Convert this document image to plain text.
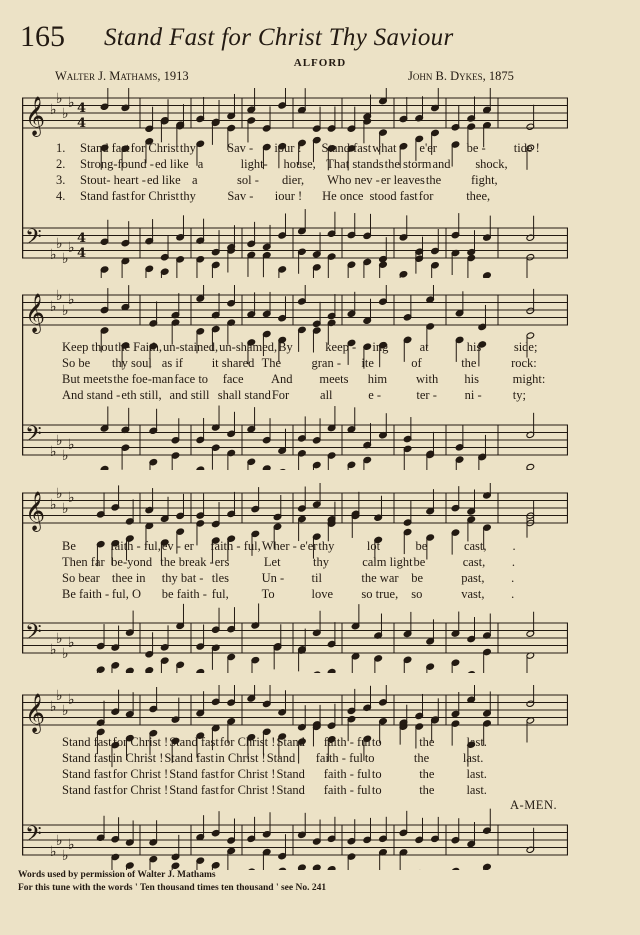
165 Stand Fast for Christ Thy Saviour
ALFORD
Walter J. Mathams, 1913	John B. Dykes, 1875
𝄞 ♭
♭
♭
♭ 4
4
𝄢 ♭
♭
♭
♭
4
4
𝄞 ♭
♭
♭
♭
𝄢 ♭
♭
♭
♭
𝄞 ♭
♭
♭
♭
𝄢 ♭
♭
♭
♭
𝄞 ♭
♭
♭
♭
𝄢 ♭
♭
♭
♭
1.
2.
3.
4.
Stand fast for Christ thy	Sav -	iour !	Stand fast what -	e'er	be -	tide !
Strong-found - ed like a	light-	house, That stands the storm and	shock,
Stout- heart - ed like a	sol -	dier,	Who nev - er leaves the	fight,
Stand fast for Christ thy	Sav -	iour !	He once stood fast for	thee,
Keep thou the Faith, un-stained, un-shamed, By	keep -	ing	at	his	side;
So be	thy soul as if	it shared The	gran -	ite	of	the	rock:
But meets the foe-man face to	face	And	meets	him	with	his	might:
And stand - eth still, and still shall stand For	all	e -	ter -	ni -	ty;
Be	faith - ful, ev - er	faith - ful, Wher - e'er thy	lot	be	cast,	.
Then far be-yond the break - ers	Let	thy	calm light be	cast,	.
So bear thee in	thy bat - tles	Un -	til	the war	be	past,	.
Be faith - ful, O	be faith - ful,	To	love	so true,	so	vast,	.
Stand fast for Christ ! Stand fast for Christ ! Stand	faith - ful to	the	last.
Stand fast in Christ ! Stand fast in Christ ! Stand	faith - ful to	the	last.
Stand fast for Christ ! Stand fast for Christ ! Stand	faith - ful to	the	last.
Stand fast for Christ ! Stand fast for Christ ! Stand	faith - ful to	the	last.
A-MEN.
Words used by permission of Walter J. Mathams
For this tune with the words ' Ten thousand times ten thousand ' see No. 241
